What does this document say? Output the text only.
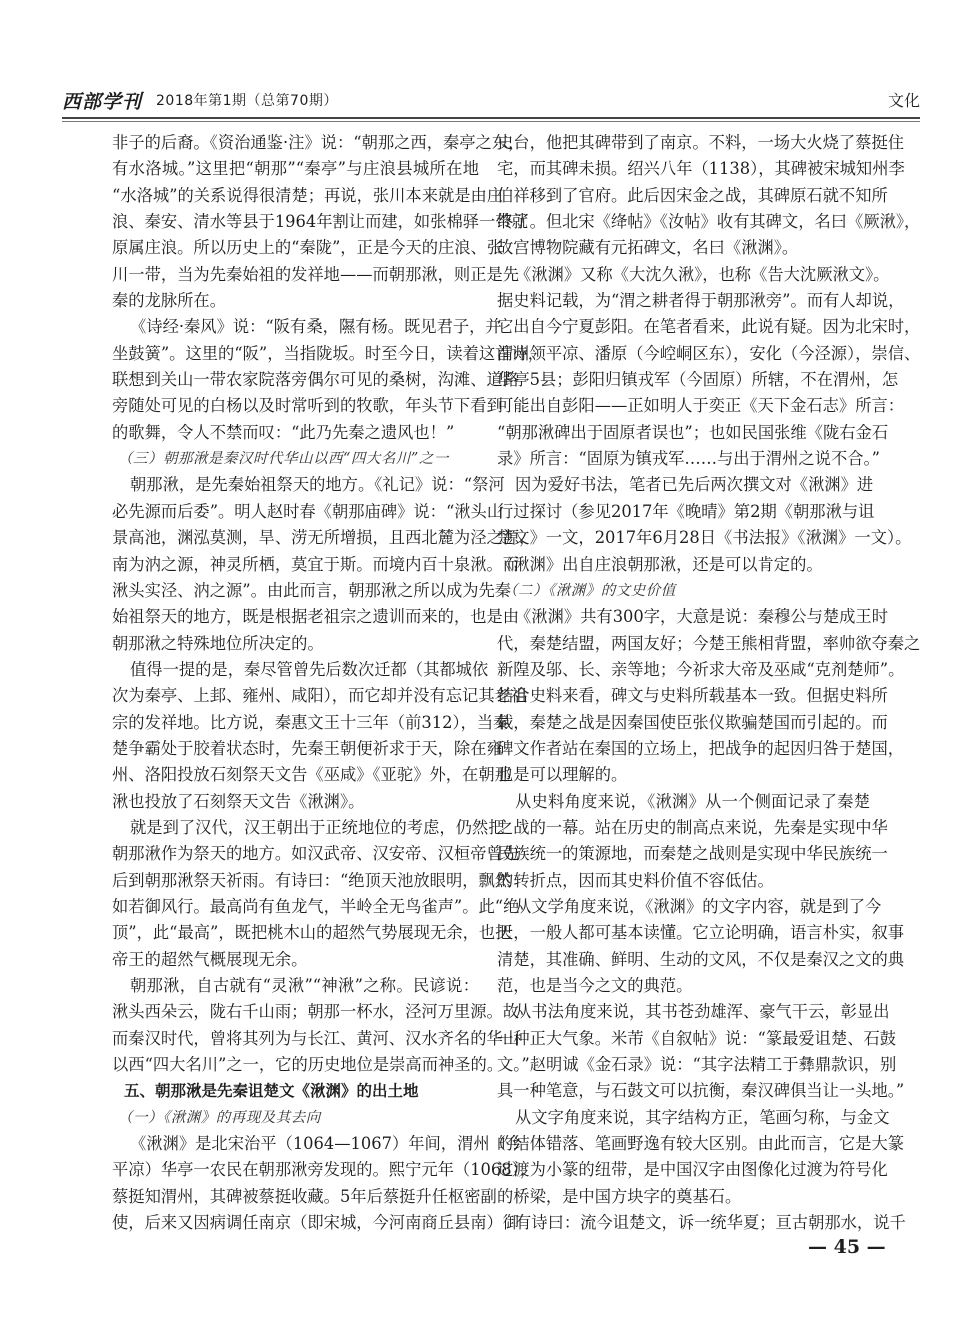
西部学刊 2018年第1期（总第70期）	文化
非子的后裔。《资治通鉴·注》说：“朝那之西，秦亭之东，
有水洛城。”这里把“朝那”“秦亭”与庄浪县城所在地
“水洛城”的关系说得很清楚；再说，张川本来就是由庄
浪、秦安、清水等县于1964年割让而建，如张棉驿一带就
原属庄浪。所以历史上的“秦陇”，正是今天的庄浪、张
川一带，当为先秦始祖的发祥地——而朝那湫，则正是先
秦的龙脉所在。
《诗经·秦风》说：“阪有桑，隰有杨。既见君子，并
坐鼓簧”。这里的“阪”，当指陇坂。时至今日，读着这首诗，
联想到关山一带农家院落旁偶尔可见的桑树，沟滩、道路
旁随处可见的白杨以及时常听到的牧歌，年头节下看到
的歌舞，令人不禁而叹：“此乃先秦之遗风也！”
（三）朝那湫是秦汉时代华山以西“四大名川”之一
朝那湫，是先秦始祖祭天的地方。《礼记》说：“祭河
必先源而后委”。明人赵时春《朝那庙碑》说：“湫头山
景高池，渊泓莫测，旱、涝无所增损，且西北麓为泾之源，
南为汭之源，神灵所栖，莫宜于斯。而境内百十泉湫。而
湫头实泾、汭之源”。由此而言，朝那湫之所以成为先秦
始祖祭天的地方，既是根据老祖宗之遗训而来的，也是由
朝那湫之特殊地位所决定的。
值得一提的是，秦尽管曾先后数次迁都（其都城依
次为秦亭、上邽、雍州、咸阳），而它却并没有忘记其老祖
宗的发祥地。比方说，秦惠文王十三年（前312），当秦
楚争霸处于胶着状态时，先秦王朝便祈求于天，除在雍
州、洛阳投放石刻祭天文告《巫咸》《亚驼》外，在朝那
湫也投放了石刻祭天文告《湫渊》。
就是到了汉代，汉王朝出于正统地位的考虑，仍然把
朝那湫作为祭天的地方。如汉武帝、汉安帝、汉桓帝曾先
后到朝那湫祭天祈雨。有诗曰：“绝顶天池放眼明，飘然
如若御风行。最高尚有鱼龙气，半岭全无鸟雀声”。此“绝
顶”，此“最高”，既把桃木山的超然气势展现无余，也把
帝王的超然气概展现无余。
朝那湫，自古就有“灵湫”“神湫”之称。民谚说：
湫头西朵云，陇右千山雨；朝那一杯水，泾河万里源。故
而秦汉时代，曾将其列为与长江、黄河、汉水齐名的华山
以西“四大名川”之一，它的历史地位是崇高而神圣的。
五、朝那湫是先秦诅楚文《湫渊》的出土地
（一）《湫渊》的再现及其去向
《湫渊》是北宋治平（1064—1067）年间，渭州（今
平凉）华亭一农民在朝那湫旁发现的。熙宁元年（1068），
蔡挺知渭州，其碑被蔡挺收藏。5年后蔡挺升任枢密副
使，后来又因病调任南京（即宋城，今河南商丘县南）御
史台，他把其碑带到了南京。不料，一场大火烧了蔡挺住
宅，而其碑未损。绍兴八年（1138），其碑被宋城知州李
伯祥移到了官府。此后因宋金之战，其碑原石就不知所
终了。但北宋《绛帖》《汝帖》收有其碑文，名曰《厥湫》，
故宫博物院藏有元拓碑文，名曰《湫渊》。
《湫渊》又称《大沈久湫》，也称《告大沈厥湫文》。
据史料记载，为“渭之耕者得于朝那湫旁”。而有人却说，
它出自今宁夏彭阳。在笔者看来，此说有疑。因为北宋时，
渭州领平凉、潘原（今崆峒区东），安化（今泾源），崇信、
华亭5县；彭阳归镇戎军（今固原）所辖，不在渭州，怎
可能出自彭阳——正如明人于奕正《天下金石志》所言：
“朝那湫碑出于固原者误也”；也如民国张维《陇右金石
录》所言：“固原为镇戎军……与出于渭州之说不合。”
因为爱好书法，笔者已先后两次撰文对《湫渊》进
行过探讨（参见2017年《晚晴》第2期《朝那湫与诅
楚文》一文，2017年6月28日《书法报》《湫渊》一文）。
《湫渊》出自庄浪朝那湫，还是可以肯定的。
（二）《湫渊》的文史价值
《湫渊》共有300字，大意是说：秦穆公与楚成王时
代，秦楚结盟，两国友好；今楚王熊相背盟，率帅欲夺秦之
新隍及邬、长、亲等地；今祈求大帝及巫咸“克剂楚师”。
结合史料来看，碑文与史料所载基本一致。但据史料所
载，秦楚之战是因秦国使臣张仪欺骗楚国而引起的。而
碑文作者站在秦国的立场上，把战争的起因归咎于楚国，
也是可以理解的。
从史料角度来说，《湫渊》从一个侧面记录了秦楚
之战的一幕。站在历史的制高点来说，先秦是实现中华
民族统一的策源地，而秦楚之战则是实现中华民族统一
的转折点，因而其史料价值不容低估。
从文学角度来说，《湫渊》的文字内容，就是到了今
天，一般人都可基本读懂。它立论明确，语言朴实，叙事
清楚，其准确、鲜明、生动的文风，不仅是秦汉之文的典
范，也是当今之文的典范。
从书法角度来说，其书苍劲雄浑、豪气干云，彰显出
一种正大气象。米芾《自叙帖》说：“篆最爱诅楚、石鼓
文。”赵明诚《金石录》说：“其字法精工于彝鼎款识，别
具一种笔意，与石鼓文可以抗衡，秦汉碑俱当让一头地。”
从文字角度来说，其字结构方正，笔画匀称，与金文
的结体错落、笔画野逸有较大区别。由此而言，它是大篆
过渡为小篆的纽带，是中国汉字由图像化过渡为符号化
的桥梁，是中国方块字的奠基石。
有诗曰：流今诅楚文，诉一统华夏；亘古朝那水，说千
— 45 —
